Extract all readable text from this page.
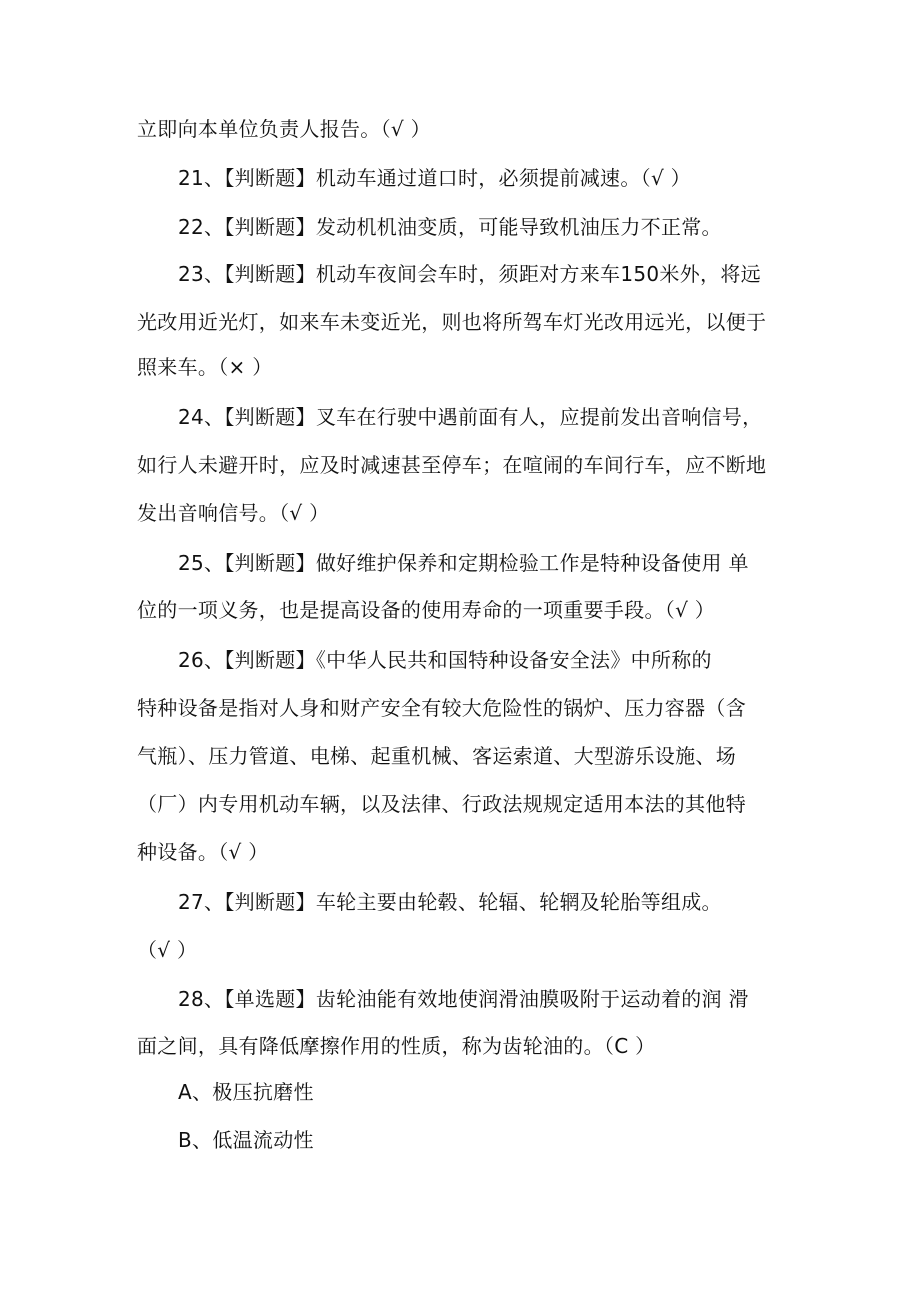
立即向本单位负责人报告。（√ ）
21、【判断题】机动车通过道口时，必须提前减速。（√ ）
22、【判断题】发动机机油变质，可能导致机油压力不正常。
23、【判断题】机动车夜间会车时，须距对方来车150米外，将远
光改用近光灯，如来车未变近光，则也将所驾车灯光改用远光，以便于
照来车。（× ）
24、【判断题】叉车在行驶中遇前面有人，应提前发出音响信号，
如行人未避开时，应及时减速甚至停车；在喧闹的车间行车，应不断地
发出音响信号。（√ ）
25、【判断题】做好维护保养和定期检验工作是特种设备使用 单
位的一项义务，也是提高设备的使用寿命的一项重要手段。（√ ）
26、【判断题】《中华人民共和国特种设备安全法》中所称的
特种设备是指对人身和财产安全有较大危险性的锅炉、压力容器（含
气瓶）、压力管道、电梯、起重机械、客运索道、大型游乐设施、场
（厂）内专用机动车辆，以及法律、行政法规规定适用本法的其他特
种设备。（√ ）
27、【判断题】车轮主要由轮毂、轮辐、轮辋及轮胎等组成。
（√ ）
28、【单选题】齿轮油能有效地使润滑油膜吸附于运动着的润 滑
面之间，具有降低摩擦作用的性质，称为齿轮油的。（C ）
A、极压抗磨性
B、低温流动性
